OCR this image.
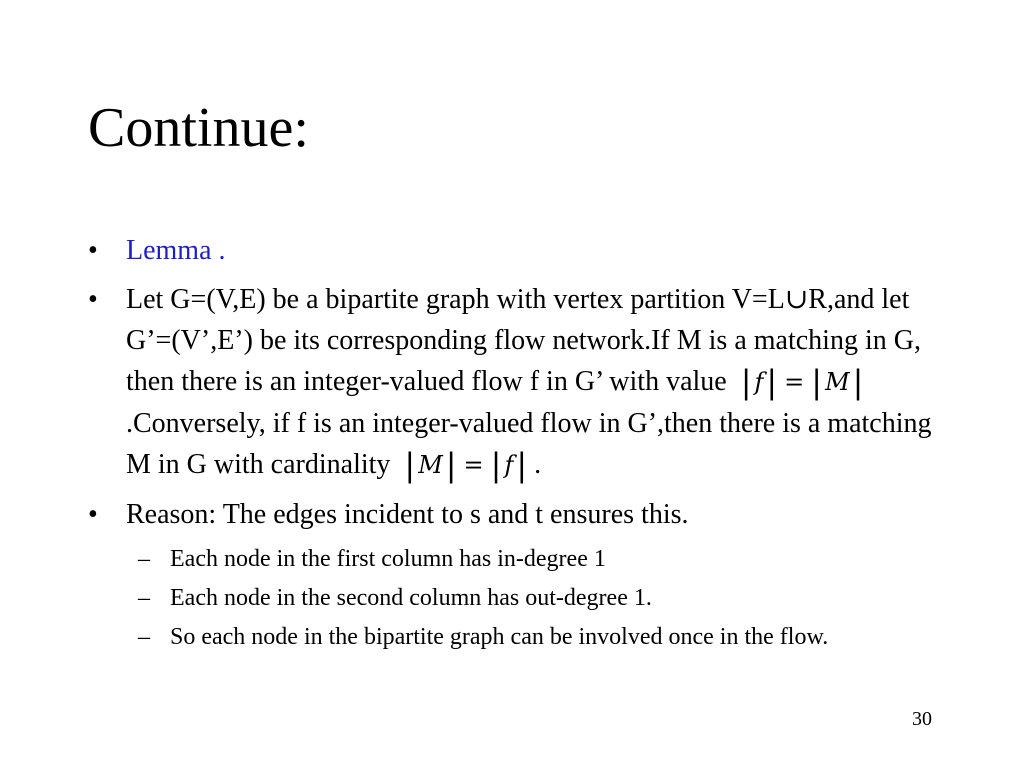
Continue:
• Lemma .
• Let G=(V,E) be a bipartite graph with vertex partition V=L∪R,and let G’=(V’,E’) be its corresponding flow network.If M is a matching in G, then there is an integer-valued flow f in G’ with value | f| = | M|.Conversely, if f is an integer-valued flow in G’,then there is a matching M in G with cardinality | M| = | f| .
• Reason: The edges incident to s and t ensures this.
– Each node in the first column has in-degree 1
– Each node in the second column has out-degree 1.
– So each node in the bipartite graph can be involved once in the flow.
30
